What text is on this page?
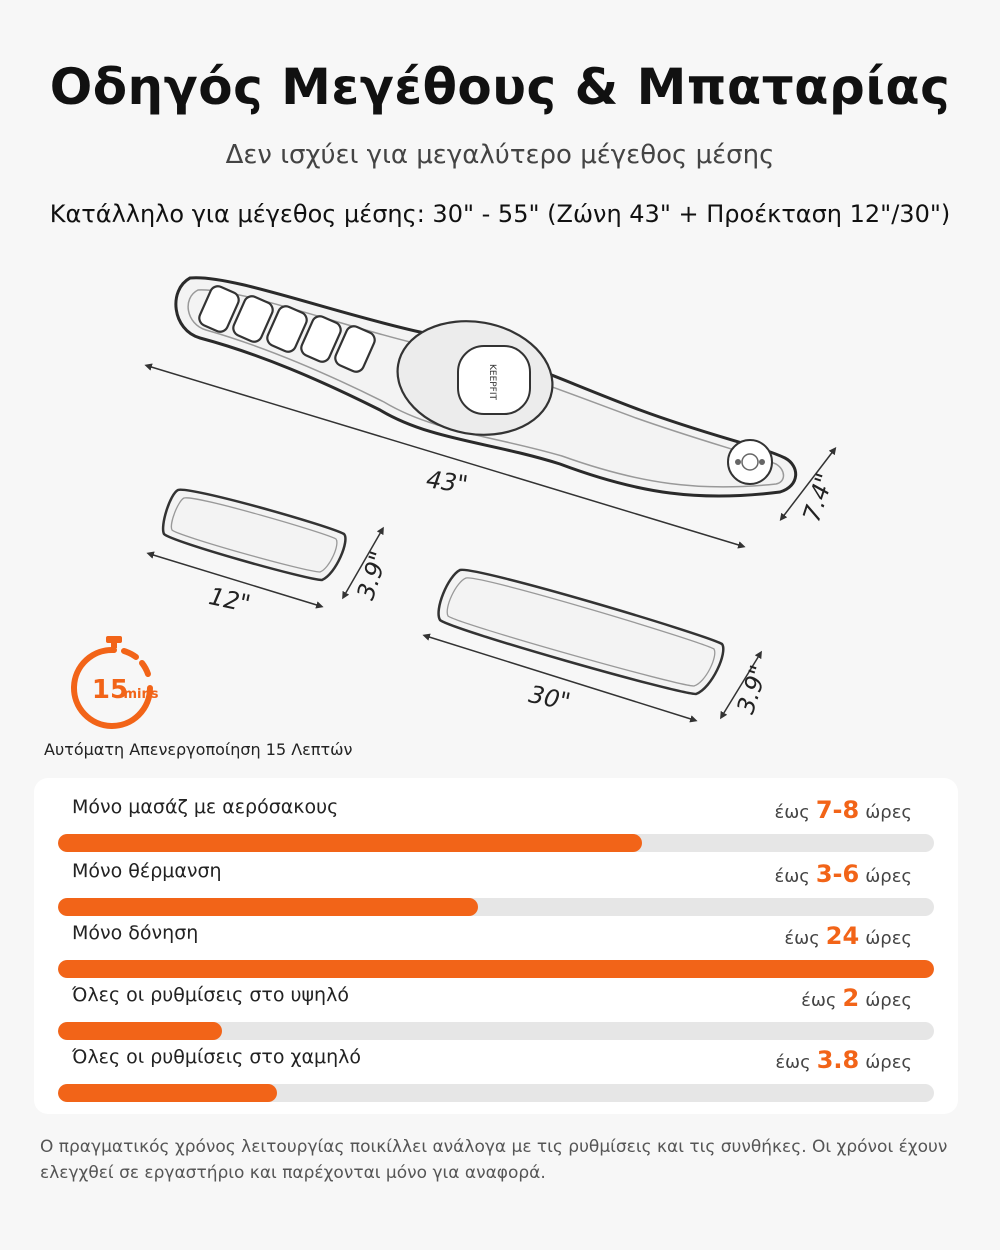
Οδηγός Μεγέθους & Μπαταρίας
Δεν ισχύει για μεγαλύτερο μέγεθος μέσης
Κατάλληλο για μέγεθος μέσης: 30" - 55" (Ζώνη 43" + Προέκταση 12"/30")
KEEPFIT
43"	7.4"
12"	3.9"
30"	3.9"
15
mins
Αυτόματη Απενεργοποίηση 15 Λεπτών
Μόνο μασάζ με αερόσακους	έως 7-8 ώρες
Μόνο θέρμανση	έως 3-6 ώρες
Μόνο δόνηση	έως 24 ώρες
Όλες οι ρυθμίσεις στο υψηλό	έως 2 ώρες
Όλες οι ρυθμίσεις στο χαμηλό	έως 3.8 ώρες
Ο πραγματικός χρόνος λειτουργίας ποικίλλει ανάλογα με τις ρυθμίσεις και τις συνθήκες. Οι χρόνοι έχουν ελεγχθεί σε εργαστήριο και παρέχονται μόνο για αναφορά.
